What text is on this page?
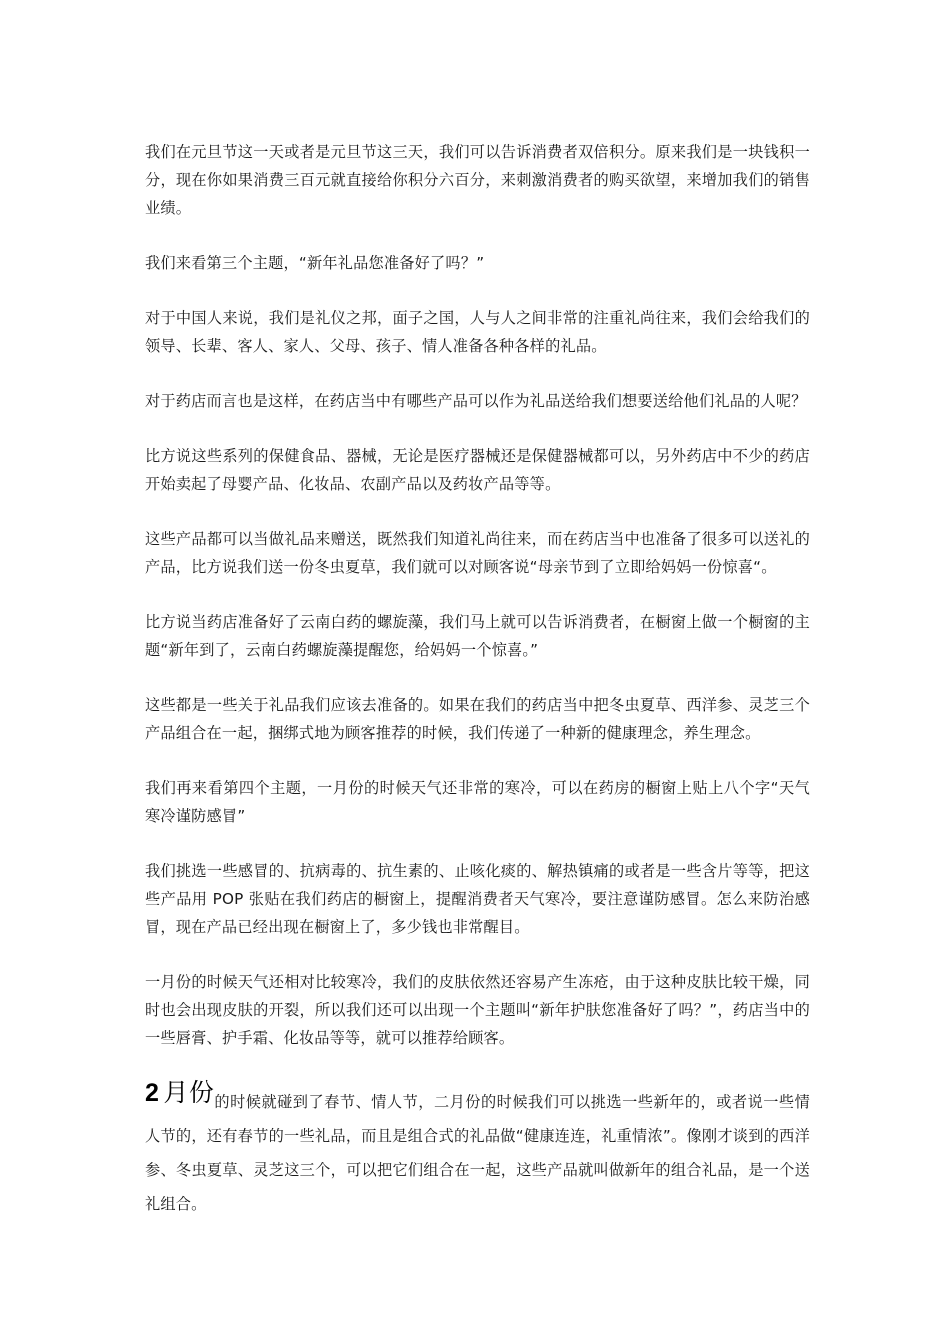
我们在元旦节这一天或者是元旦节这三天，我们可以告诉消费者双倍积分。原来我们是一块钱积一分，现在你如果消费三百元就直接给你积分六百分，来刺激消费者的购买欲望，来增加我们的销售业绩。

我们来看第三个主题，“新年礼品您准备好了吗？”

对于中国人来说，我们是礼仪之邦，面子之国，人与人之间非常的注重礼尚往来，我们会给我们的领导、长辈、客人、家人、父母、孩子、情人准备各种各样的礼品。

对于药店而言也是这样，在药店当中有哪些产品可以作为礼品送给我们想要送给他们礼品的人呢？

比方说这些系列的保健食品、器械，无论是医疗器械还是保健器械都可以，另外药店中不少的药店开始卖起了母婴产品、化妆品、农副产品以及药妆产品等等。

这些产品都可以当做礼品来赠送，既然我们知道礼尚往来，而在药店当中也准备了很多可以送礼的产品，比方说我们送一份冬虫夏草，我们就可以对顾客说“母亲节到了立即给妈妈一份惊喜“。

比方说当药店准备好了云南白药的螺旋藻，我们马上就可以告诉消费者，在橱窗上做一个橱窗的主题“新年到了，云南白药螺旋藻提醒您，给妈妈一个惊喜。”

这些都是一些关于礼品我们应该去准备的。如果在我们的药店当中把冬虫夏草、西洋参、灵芝三个产品组合在一起，捆绑式地为顾客推荐的时候，我们传递了一种新的健康理念，养生理念。

我们再来看第四个主题，一月份的时候天气还非常的寒冷，可以在药房的橱窗上贴上八个字“天气寒冷谨防感冒”

我们挑选一些感冒的、抗病毒的、抗生素的、止咳化痰的、解热镇痛的或者是一些含片等等，把这些产品用 POP 张贴在我们药店的橱窗上，提醒消费者天气寒冷，要注意谨防感冒。怎么来防治感冒，现在产品已经出现在橱窗上了，多少钱也非常醒目。

一月份的时候天气还相对比较寒冷，我们的皮肤依然还容易产生冻疮，由于这种皮肤比较干燥，同时也会出现皮肤的开裂，所以我们还可以出现一个主题叫“新年护肤您准备好了吗？”，药店当中的一些唇膏、护手霜、化妆品等等，就可以推荐给顾客。

2 月份的时候就碰到了春节、情人节，二月份的时候我们可以挑选一些新年的，或者说一些情人节的，还有春节的一些礼品，而且是组合式的礼品做“健康连连，礼重情浓”。像刚才谈到的西洋参、冬虫夏草、灵芝这三个，可以把它们组合在一起，这些产品就叫做新年的组合礼品，是一个送礼组合。
